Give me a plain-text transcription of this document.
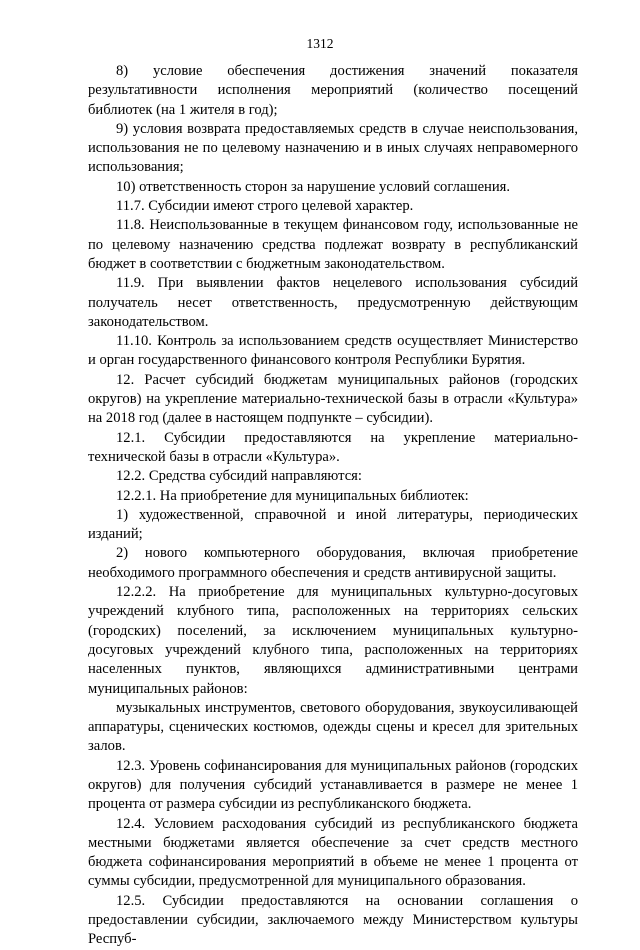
1312

8) условие обеспечения достижения значений показателя результативности исполнения мероприятий (количество посещений библиотек (на 1 жителя в год);

9) условия возврата предоставляемых средств в случае неиспользования, использования не по целевому назначению и в иных случаях неправомерного использования;

10) ответственность сторон за нарушение условий соглашения.

11.7. Субсидии имеют строго целевой характер.

11.8. Неиспользованные в текущем финансовом году, использованные не по целевому назначению средства подлежат возврату в республиканский бюджет в соответствии с бюджетным законодательством.

11.9. При выявлении фактов нецелевого использования субсидий получатель несет ответственность, предусмотренную действующим законодательством.

11.10. Контроль за использованием средств осуществляет Министерство и орган государственного финансового контроля Республики Бурятия.

12. Расчет субсидий бюджетам муниципальных районов (городских округов) на укрепление материально-технической базы в отрасли «Культура» на 2018 год (далее в настоящем подпункте – субсидии).

12.1. Субсидии предоставляются на укрепление материально-технической базы в отрасли «Культура».

12.2. Средства субсидий направляются:

12.2.1. На приобретение для муниципальных библиотек:

1) художественной, справочной и иной литературы, периодических изданий;

2) нового компьютерного оборудования, включая приобретение необходимого программного обеспечения и средств антивирусной защиты.

12.2.2. На приобретение для муниципальных культурно-досуговых учреждений клубного типа, расположенных на территориях сельских (городских) поселений, за исключением муниципальных культурно-досуговых учреждений клубного типа, расположенных на территориях населенных пунктов, являющихся административными центрами муниципальных районов:

музыкальных инструментов, светового оборудования, звукоусиливающей аппаратуры, сценических костюмов, одежды сцены и кресел для зрительных залов.

12.3. Уровень софинансирования для муниципальных районов (городских округов) для получения субсидий устанавливается в размере не менее 1 процента от размера субсидии из республиканского бюджета.

12.4. Условием расходования субсидий из республиканского бюджета местными бюджетами является обеспечение за счет средств местного бюджета софинансирования мероприятий в объеме не менее 1 процента от суммы субсидии, предусмотренной для муниципального образования.

12.5. Субсидии предоставляются на основании соглашения о предоставлении субсидии, заключаемого между Министерством культуры Респуб-
